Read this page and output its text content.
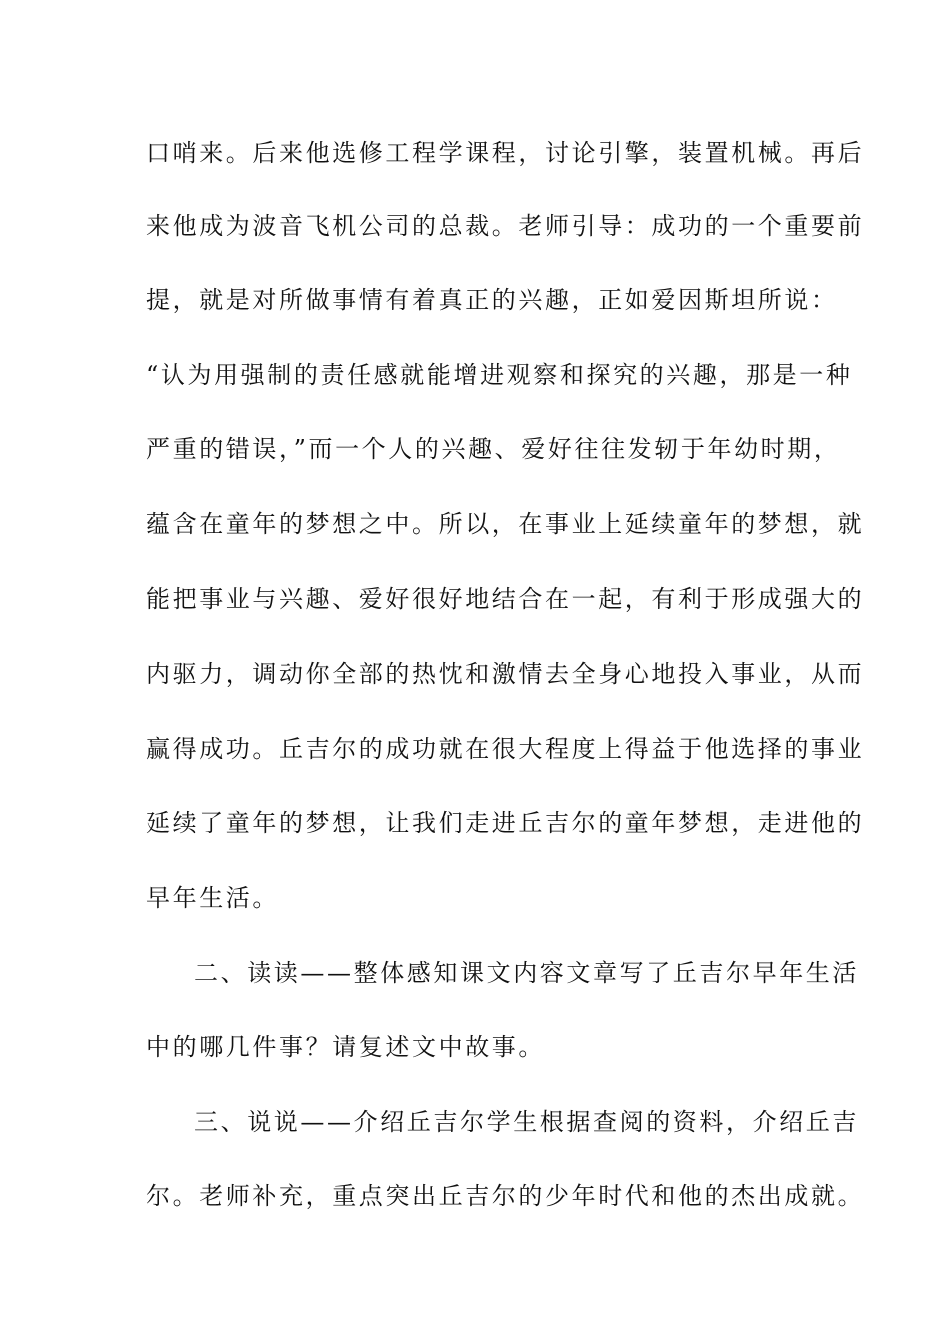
口哨来。后来他选修工程学课程，讨论引擎，装置机械。再后
来他成为波音飞机公司的总裁。老师引导：成功的一个重要前
提，就是对所做事情有着真正的兴趣，正如爱因斯坦所说：
“认为用强制的责任感就能增进观察和探究的兴趣，那是一种
严重的错误，”而一个人的兴趣、爱好往往发轫于年幼时期，
蕴含在童年的梦想之中。所以，在事业上延续童年的梦想，就
能把事业与兴趣、爱好很好地结合在一起，有利于形成强大的
内驱力，调动你全部的热忱和激情去全身心地投入事业，从而
赢得成功。丘吉尔的成功就在很大程度上得益于他选择的事业
延续了童年的梦想，让我们走进丘吉尔的童年梦想，走进他的
早年生活。
二、读读——整体感知课文内容文章写了丘吉尔早年生活
中的哪几件事？请复述文中故事。
三、说说——介绍丘吉尔学生根据查阅的资料，介绍丘吉
尔。老师补充，重点突出丘吉尔的少年时代和他的杰出成就。
